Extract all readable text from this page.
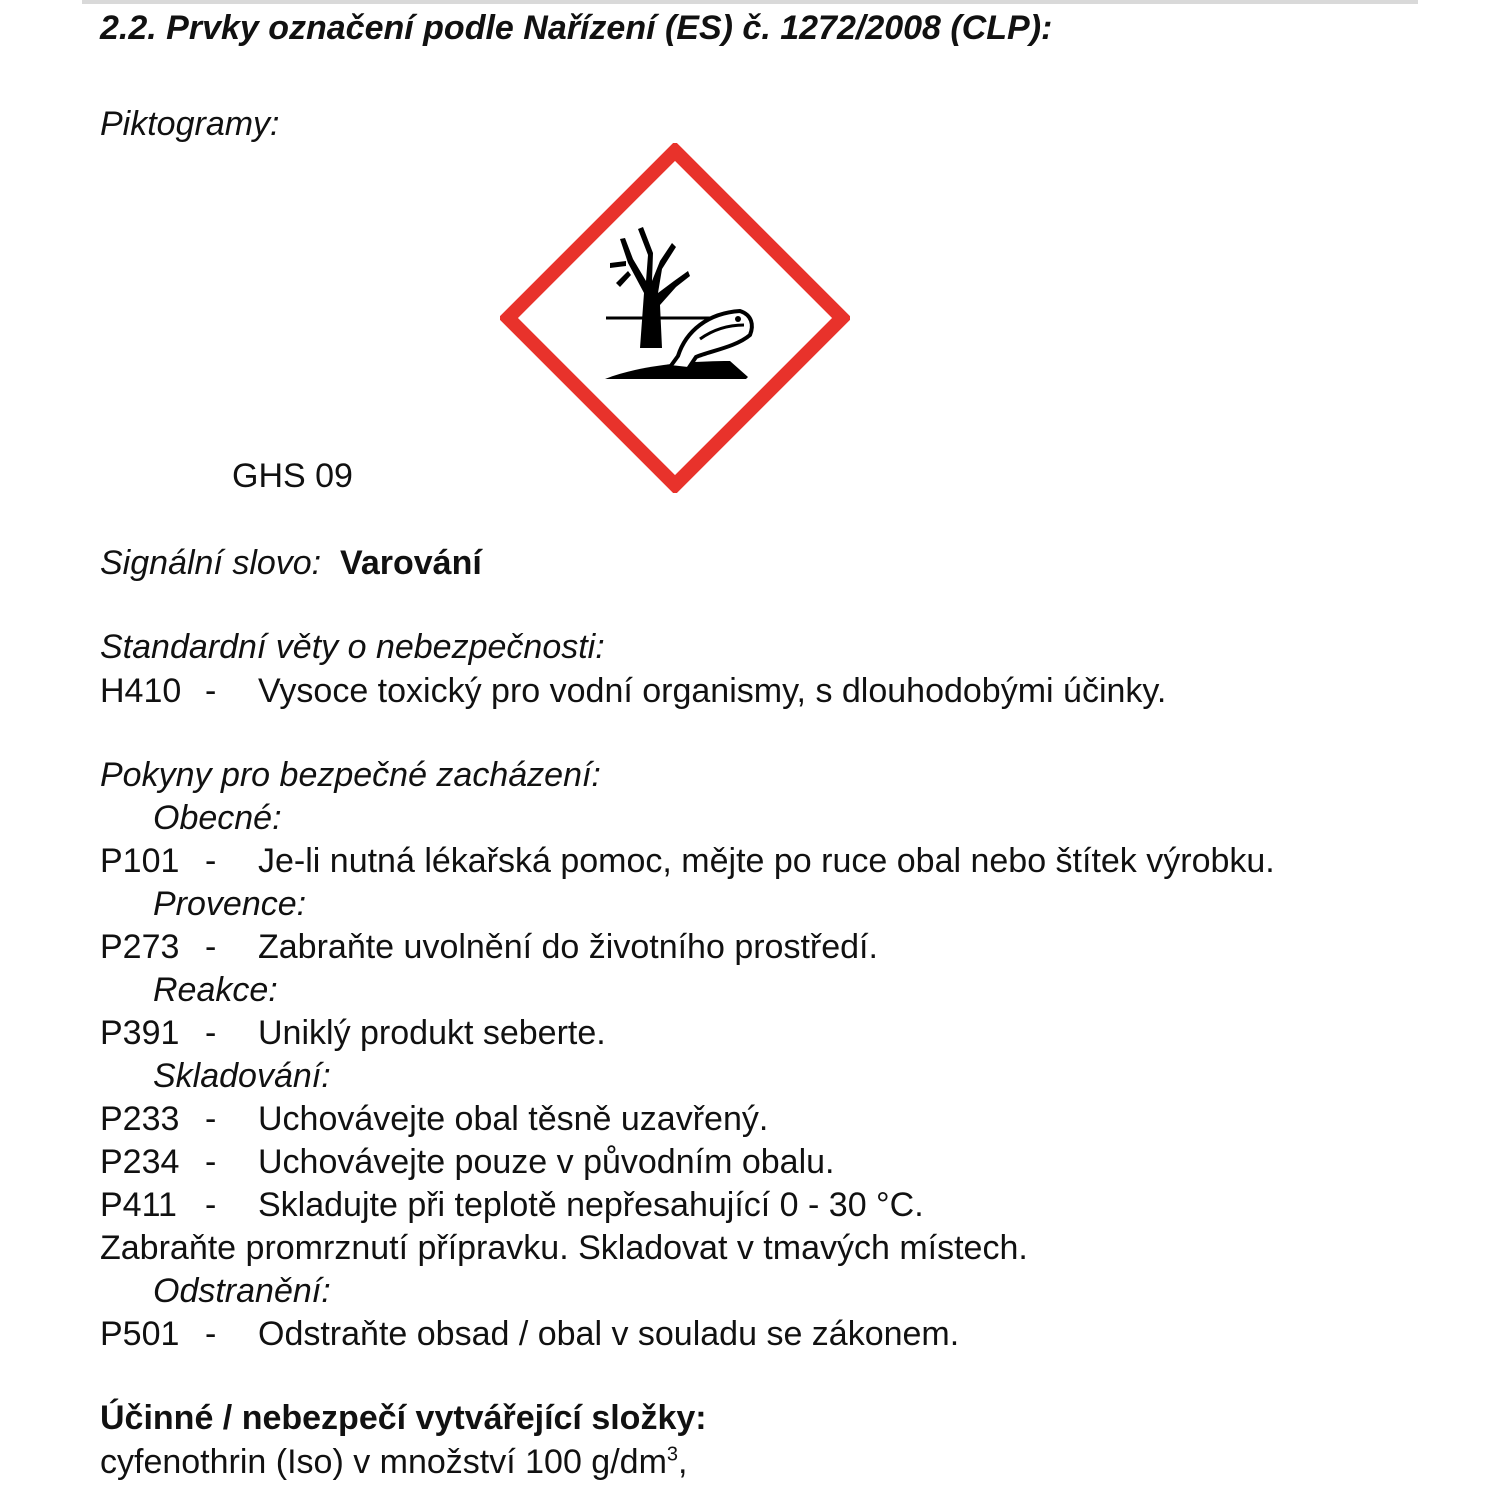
2.2. Prvky označení podle Nařízení (ES) č. 1272/2008 (CLP):
Piktogramy:
GHS 09
Signální slovo: Varování
Standardní věty o nebezpečnosti:
H410 - Vysoce toxický pro vodní organismy, s dlouhodobými účinky.
Pokyny pro bezpečné zacházení:
Obecné:
P101 - Je-li nutná lékařská pomoc, mějte po ruce obal nebo štítek výrobku.
Provence:
P273 - Zabraňte uvolnění do životního prostředí.
Reakce:
P391 - Uniklý produkt seberte.
Skladování:
P233 - Uchovávejte obal těsně uzavřený.
P234 - Uchovávejte pouze v původním obalu.
P411 - Skladujte při teplotě nepřesahující 0 - 30 °C.
Zabraňte promrznutí přípravku. Skladovat v tmavých místech.
Odstranění:
P501 - Odstraňte obsad / obal v souladu se zákonem.
Účinné / nebezpečí vytvářející složky:
cyfenothrin (Iso) v množství 100 $g/dm^3$,
